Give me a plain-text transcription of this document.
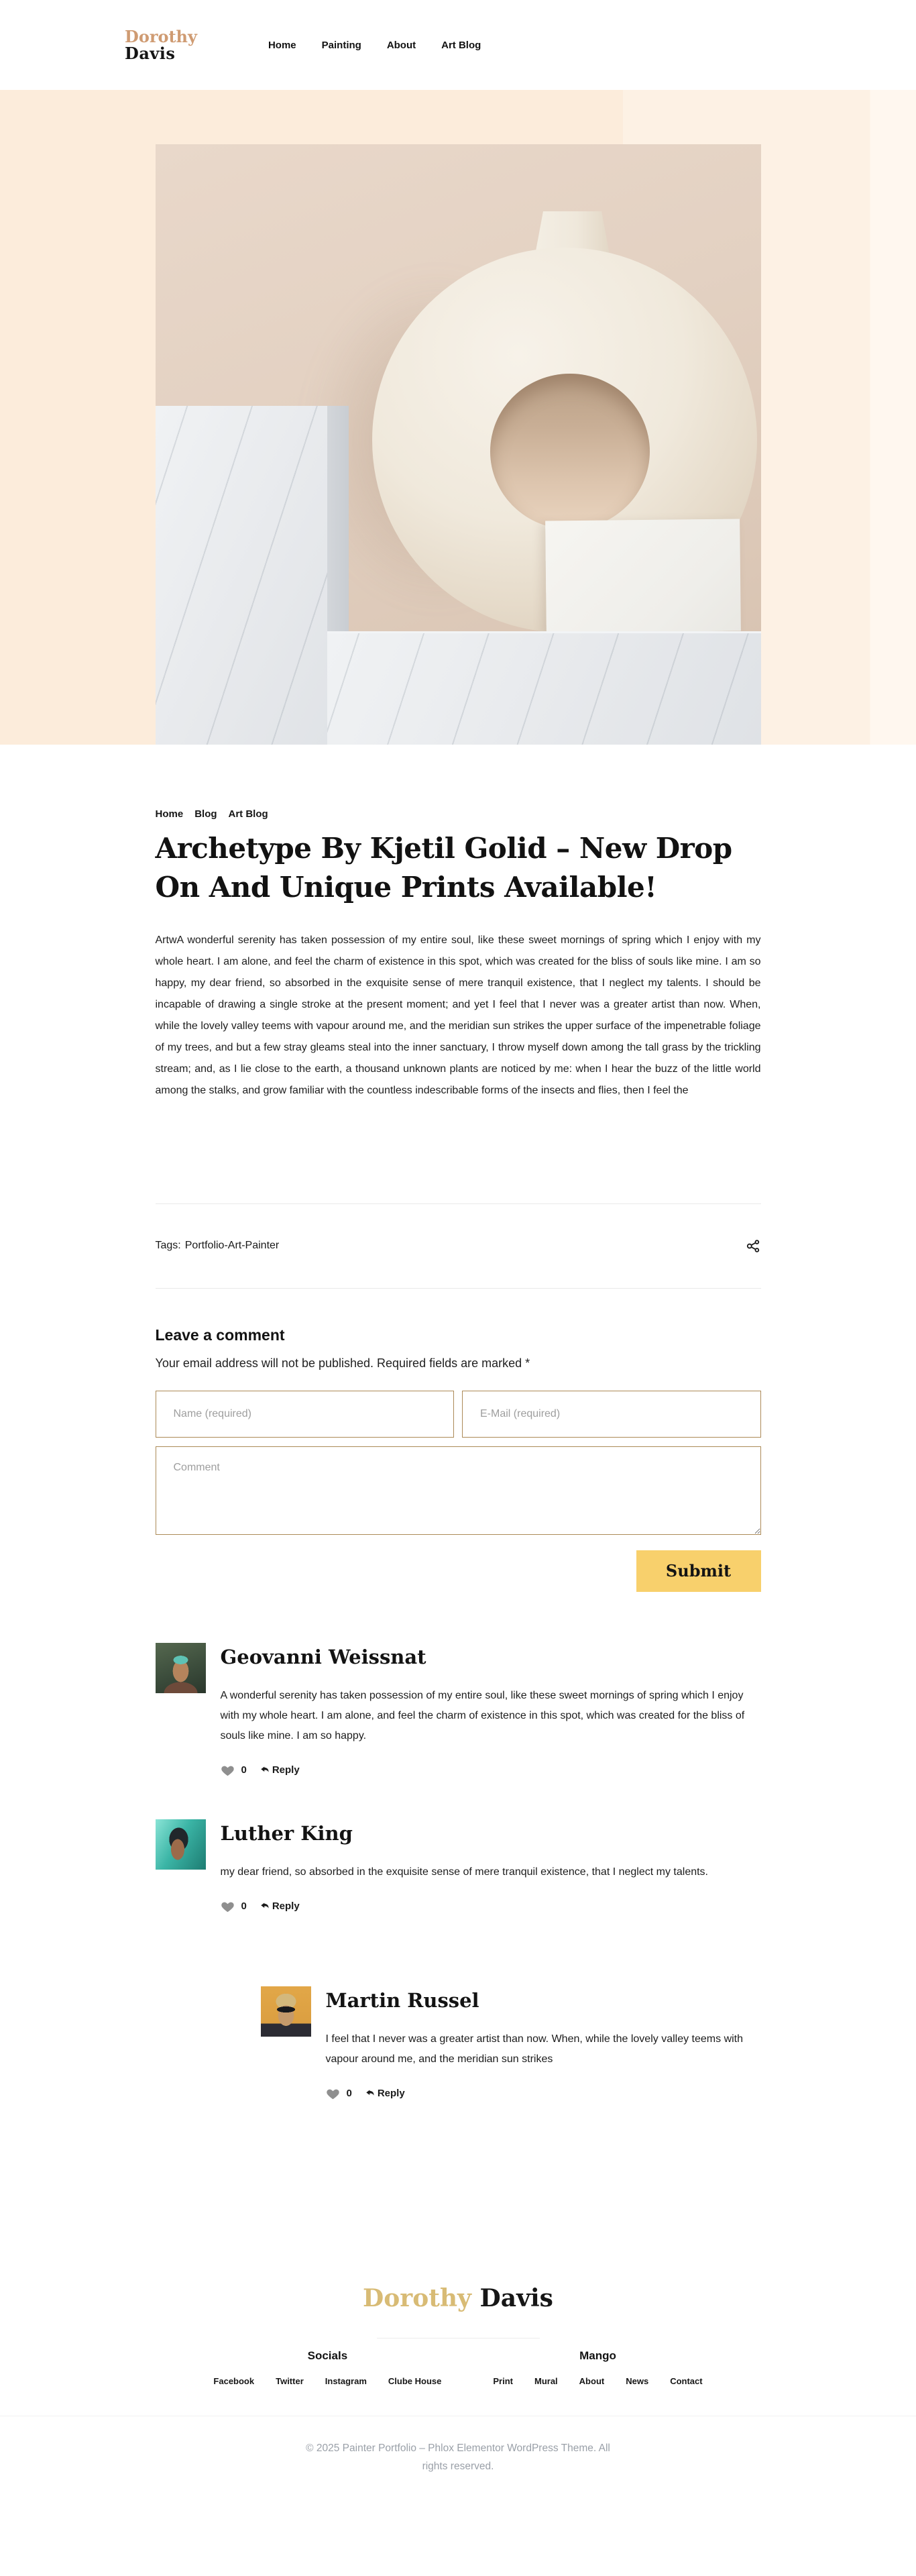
Dorothy
Davis	Home	Painting	About	Art Blog
Home Blog Art Blog
Archetype By Kjetil Golid – New Drop On And Unique Prints Available!

ArtwA wonderful serenity has taken possession of my entire soul, like these sweet mornings of spring which I enjoy with my whole heart. I am alone, and feel the charm of existence in this spot, which was created for the bliss of souls like mine. I am so happy, my dear friend, so absorbed in the exquisite sense of mere tranquil existence, that I neglect my talents. I should be incapable of drawing a single stroke at the present moment; and yet I feel that I never was a greater artist than now. When, while the lovely valley teems with vapour around me, and the meridian sun strikes the upper surface of the impenetrable foliage of my trees, and but a few stray gleams steal into the inner sanctuary, I throw myself down among the tall grass by the trickling stream; and, as I lie close to the earth, a thousand unknown plants are noticed by me: when I hear the buzz of the little world among the stalks, and grow familiar with the countless indescribable forms of the insects and flies, then I feel the

Tags: Portfolio-Art-Painter
Leave a comment

Your email address will not be published. Required fields are marked *

Name (required)
E-Mail (required)
Comment
Submit
Geovanni Weissnat

A wonderful serenity has taken possession of my entire soul, like these sweet mornings of spring which I enjoy with my whole heart. I am alone, and feel the charm of existence in this spot, which was created for the bliss of souls like mine. I am so happy.

0	Reply
Luther King

my dear friend, so absorbed in the exquisite sense of mere tranquil existence, that I neglect my talents.

0	Reply
Martin Russel

I feel that I never was a greater artist than now. When, while the lovely valley teems with vapour around me, and the meridian sun strikes

0	Reply
Dorothy Davis
Socials
Facebook Twitter Instagram Clube House
Mango
Print Mural About News Contact

© 2025 Painter Portfolio – Phlox Elementor WordPress Theme. All rights reserved.
